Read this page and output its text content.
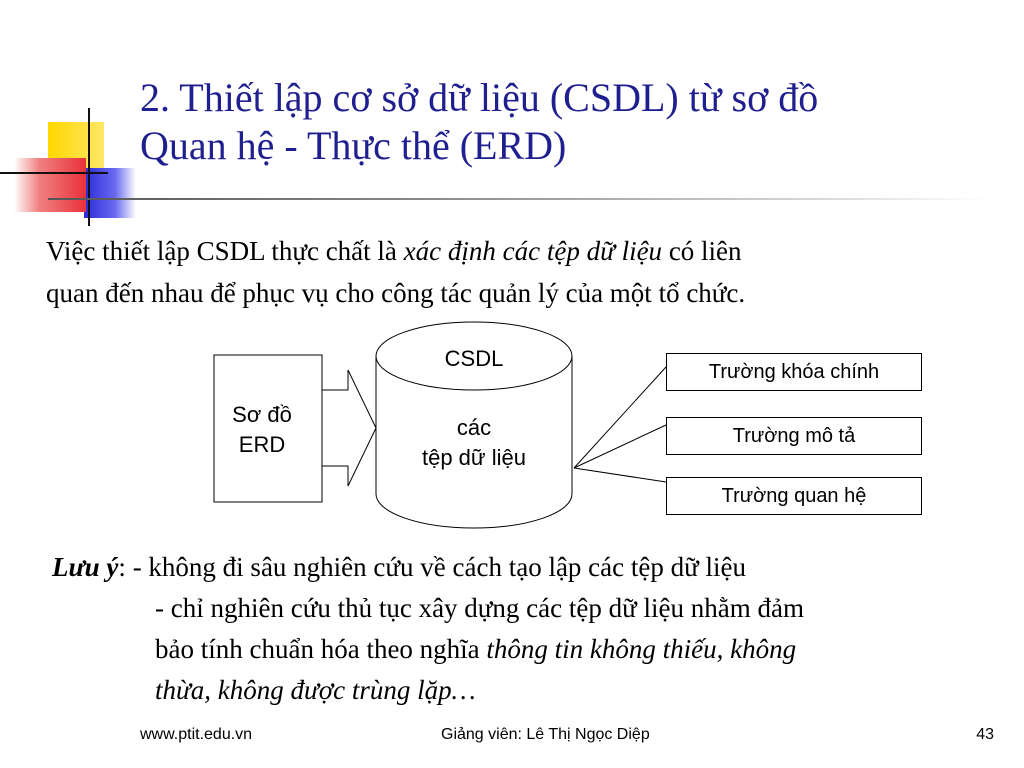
2. Thiết lập cơ sở dữ liệu (CSDL) từ sơ đồ
Quan hệ - Thực thể (ERD)
Việc thiết lập CSDL thực chất là xác định các tệp dữ liệu có liên
quan đến nhau để phục vụ cho công tác quản lý của một tổ chức.
Sơ đồ
ERD
CSDL
các
tệp dữ liệu
Trường khóa chính
Trường mô tả
Trường quan hệ
Lưu ý: - không đi sâu nghiên cứu về cách tạo lập các tệp dữ liệu
- chỉ nghiên cứu thủ tục xây dựng các tệp dữ liệu nhằm đảm
bảo tính chuẩn hóa theo nghĩa thông tin không thiếu, không
thừa, không được trùng lặp…
www.ptit.edu.vn	Giảng viên: Lê Thị Ngọc Diệp	43
